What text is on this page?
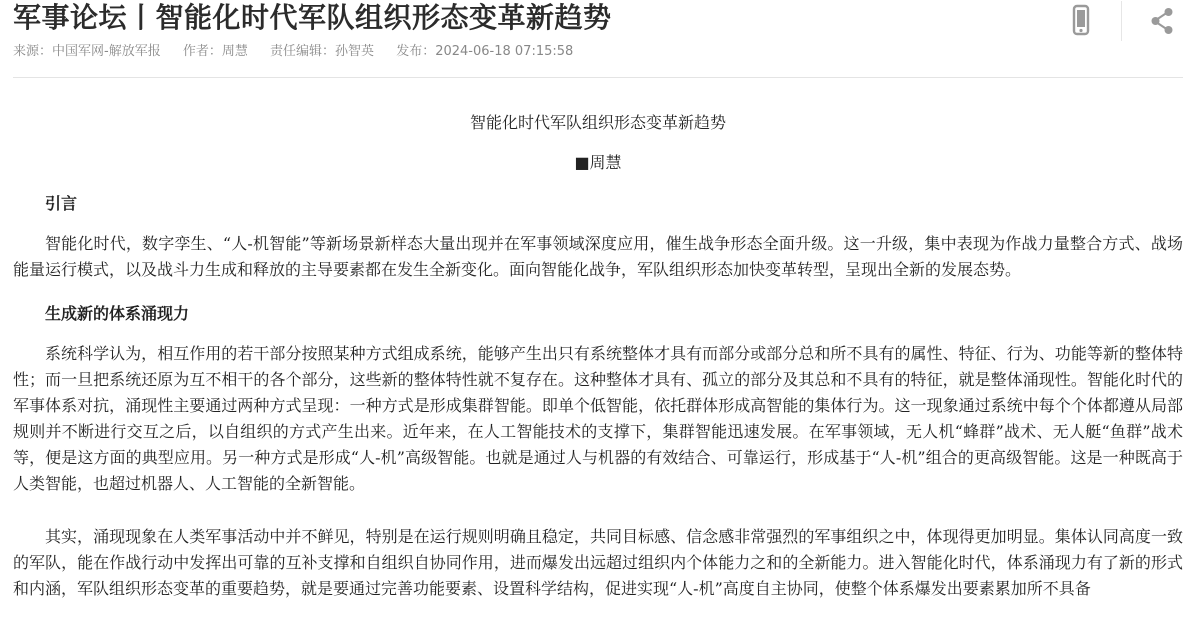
军事论坛丨智能化时代军队组织形态变革新趋势
来源：中国军网-解放军报 作者：周慧 责任编辑：孙智英 发布：2024-06-18 07:15:58
智能化时代军队组织形态变革新趋势
■周慧
引言

智能化时代，数字孪生、“人-机智能”等新场景新样态大量出现并在军事领域深度应用，催生战争形态全面升级。这一升级，集中表现为作战力量整合方式、战场能量运行模式，以及战斗力生成和释放的主导要素都在发生全新变化。面向智能化战争，军队组织形态加快变革转型，呈现出全新的发展态势。

生成新的体系涌现力

系统科学认为，相互作用的若干部分按照某种方式组成系统，能够产生出只有系统整体才具有而部分或部分总和所不具有的属性、特征、行为、功能等新的整体特性；而一旦把系统还原为互不相干的各个部分，这些新的整体特性就不复存在。这种整体才具有、孤立的部分及其总和不具有的特征，就是整体涌现性。智能化时代的军事体系对抗，涌现性主要通过两种方式呈现：一种方式是形成集群智能。即单个低智能，依托群体形成高智能的集体行为。这一现象通过系统中每个个体都遵从局部规则并不断进行交互之后，以自组织的方式产生出来。近年来，在人工智能技术的支撑下，集群智能迅速发展。在军事领域，无人机“蜂群”战术、无人艇“鱼群”战术等，便是这方面的典型应用。另一种方式是形成“人-机”高级智能。也就是通过人与机器的有效结合、可靠运行，形成基于“人-机”组合的更高级智能。这是一种既高于人类智能，也超过机器人、人工智能的全新智能。

其实，涌现现象在人类军事活动中并不鲜见，特别是在运行规则明确且稳定，共同目标感、信念感非常强烈的军事组织之中，体现得更加明显。集体认同高度一致的军队，能在作战行动中发挥出可靠的互补支撑和自组织自协同作用，进而爆发出远超过组织内个体能力之和的全新能力。进入智能化时代，体系涌现力有了新的形式和内涵，军队组织形态变革的重要趋势，就是要通过完善功能要素、设置科学结构，促进实现“人-机”高度自主协同，使整个体系爆发出要素累加所不具备
